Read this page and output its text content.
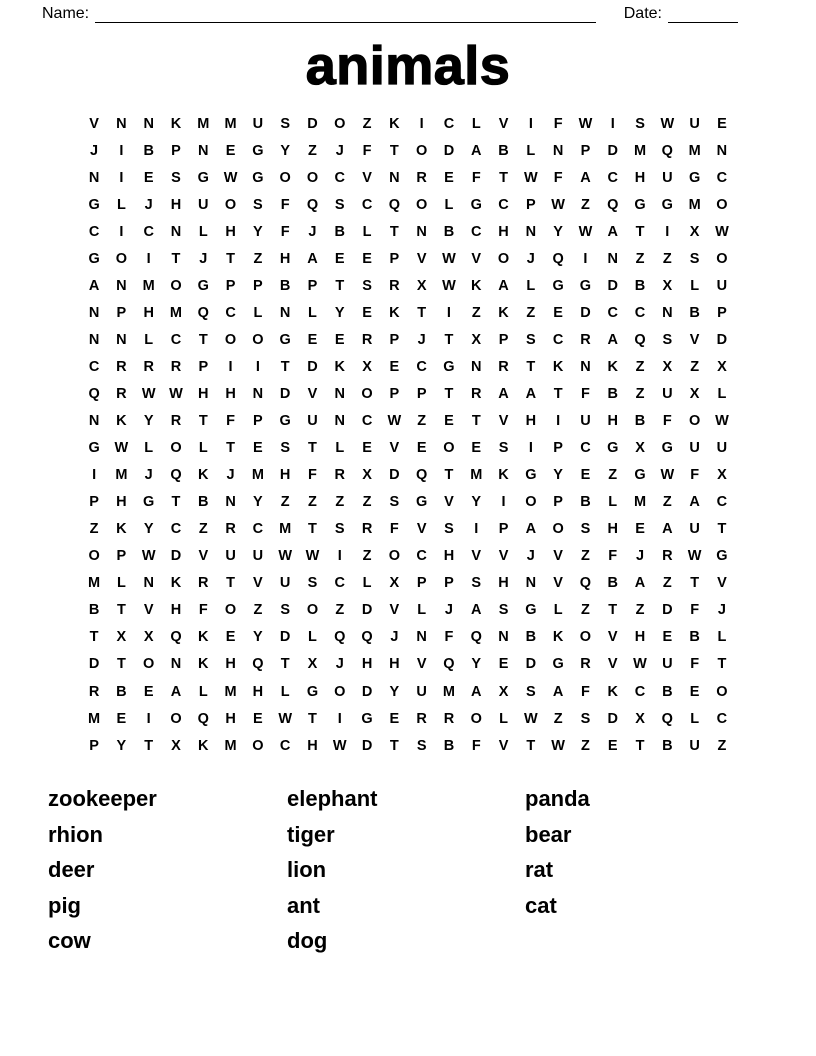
Name:	Date:
animals
V	N	N	K	M	M	U	S	D	O	Z	K	I	C	L	V	I	F	W	I	S	W	U	E
J	I	B	P	N	E	G	Y	Z	J	F	T	O	D	A	B	L	N	P	D	M	Q	M	N
N	I	E	S	G	W	G	O	O	C	V	N	R	E	F	T	W	F	A	C	H	U	G	C
G	L	J	H	U	O	S	F	Q	S	C	Q	O	L	G	C	P	W	Z	Q	G	G	M	O
C	I	C	N	L	H	Y	F	J	B	L	T	N	B	C	H	N	Y	W	A	T	I	X	W
G	O	I	T	J	T	Z	H	A	E	E	P	V	W	V	O	J	Q	I	N	Z	Z	S	O
A	N	M	O	G	P	P	B	P	T	S	R	X	W	K	A	L	G	G	D	B	X	L	U
N	P	H	M	Q	C	L	N	L	Y	E	K	T	I	Z	K	Z	E	D	C	C	N	B	P
N	N	L	C	T	O	O	G	E	E	R	P	J	T	X	P	S	C	R	A	Q	S	V	D
C	R	R	R	P	I	I	T	D	K	X	E	C	G	N	R	T	K	N	K	Z	X	Z	X
Q	R	W W	H	H	N	D	V	N	O	P	P	T	R	A	A	T	F	B	Z	U	X	L
N	K	Y	R	T	F	P	G	U	N	C	W	Z	E	T	V	H	I	U	H	B	F	O	W
G	W	L	O	L	T	E	S	T	L	E	V	E	O	E	S	I	P	C	G	X	G	U	U
I	M	J	Q	K	J	M	H	F	R	X	D	Q	T	M	K	G	Y	E	Z	G	W	F	X
P	H	G	T	B	N	Y	Z	Z	Z	Z	S	G	V	Y	I	O	P	B	L	M	Z	A	C
Z	K	Y	C	Z	R	C	M	T	S	R	F	V	S	I	P	A	O	S	H	E	A	U	T
O	P	W	D	V	U	U	W W	I	Z	O	C	H	V	V	J	V	Z	F	J	R	W	G
M	L	N	K	R	T	V	U	S	C	L	X	P	P	S	H	N	V	Q	B	A	Z	T	V
B	T	V	H	F	O	Z	S	O	Z	D	V	L	J	A	S	G	L	Z	T	Z	D	F	J
T	X	X	Q	K	E	Y	D	L	Q	Q	J	N	F	Q	N	B	K	O	V	H	E	B	L
D	T	O	N	K	H	Q	T	X	J	H	H	V	Q	Y	E	D	G	R	V	W	U	F	T
R	B	E	A	L	M	H	L	G	O	D	Y	U	M	A	X	S	A	F	K	C	B	E	O
M	E	I	O	Q	H	E	W	T	I	G	E	R	R	O	L	W	Z	S	D	X	Q	L	C
P	Y	T	X	K	M	O	C	H	W	D	T	S	B	F	V	T	W	Z	E	T	B	U	Z
zookeeper
rhion
deer
pig
cow
elephant
tiger
lion
ant
dog
panda
bear
rat
cat
